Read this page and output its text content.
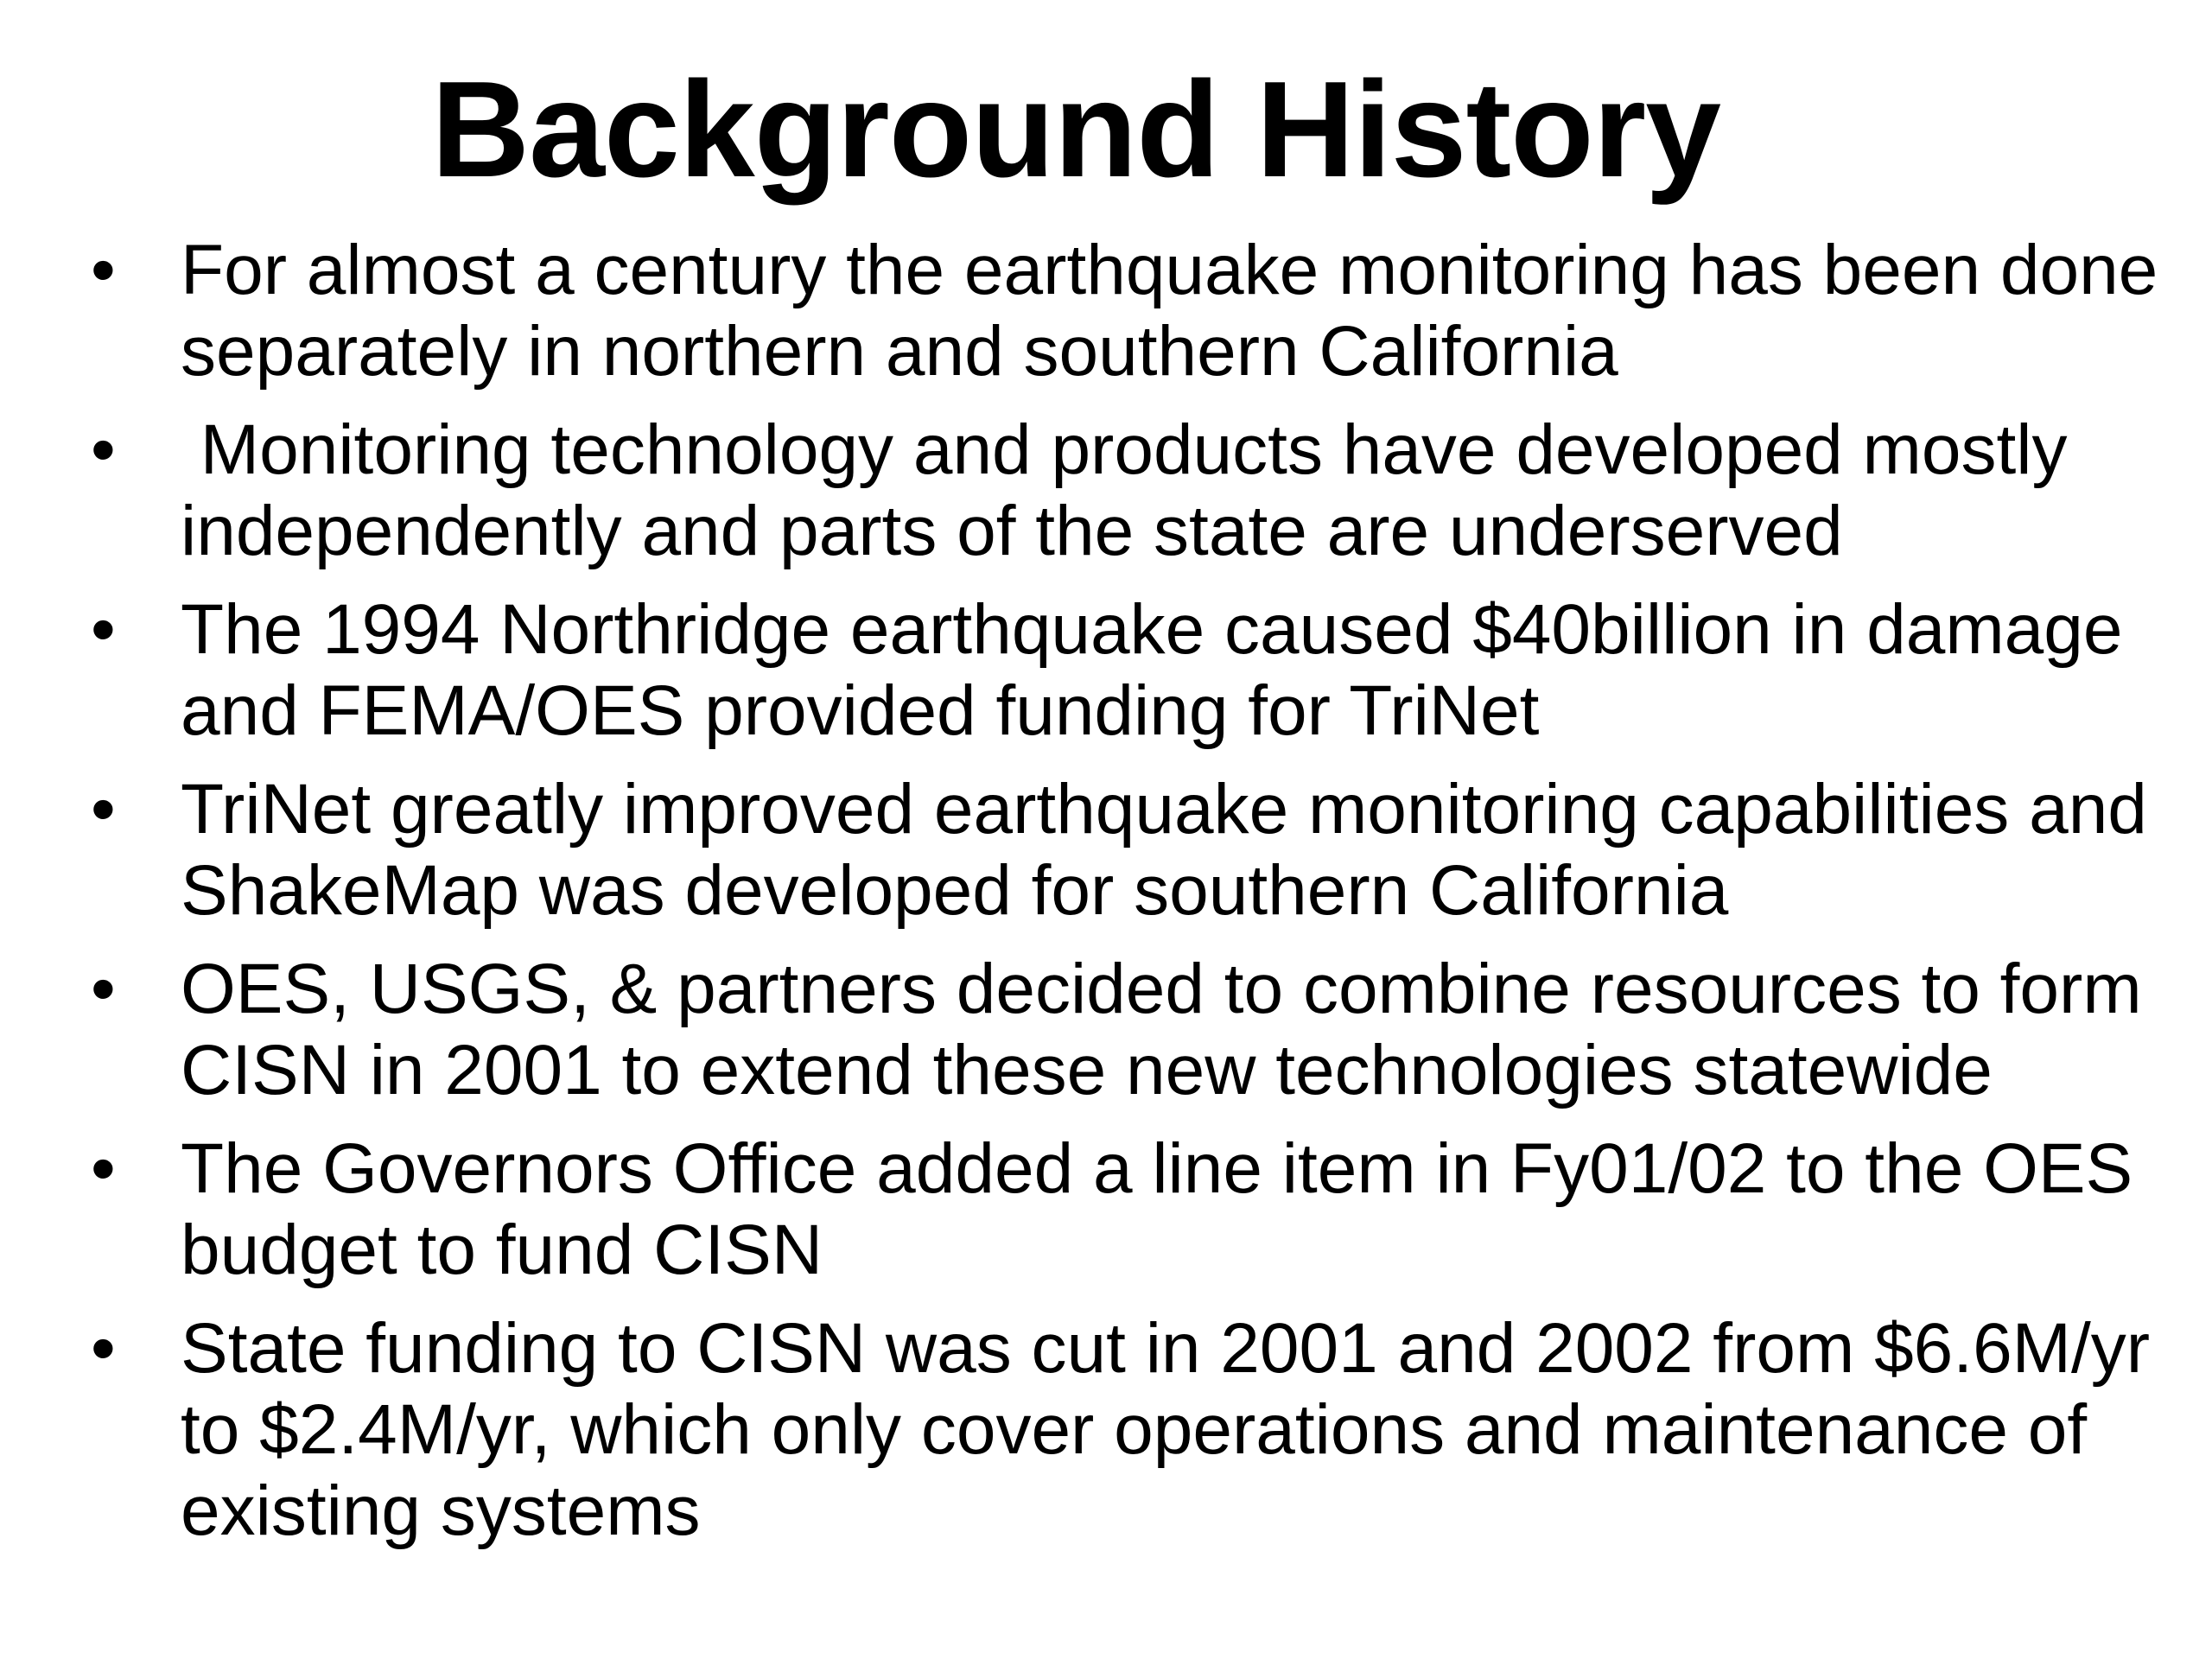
Background History
• For almost a century the earthquake monitoring has been done separately in northern and southern California
• Monitoring technology and products have developed mostly independently and parts of the state are underserved
• The 1994 Northridge earthquake caused $40billion in damage and FEMA/OES provided funding for TriNet
• TriNet greatly improved earthquake monitoring capabilities and ShakeMap was developed for southern California
• OES, USGS, & partners decided to combine resources to form CISN in 2001 to extend these new technologies statewide
• The Governors Office added a line item in Fy01/02 to the OES budget to fund CISN
• State funding to CISN was cut in 2001 and 2002 from $6.6M/yr to $2.4M/yr, which only cover operations and maintenance of existing systems
